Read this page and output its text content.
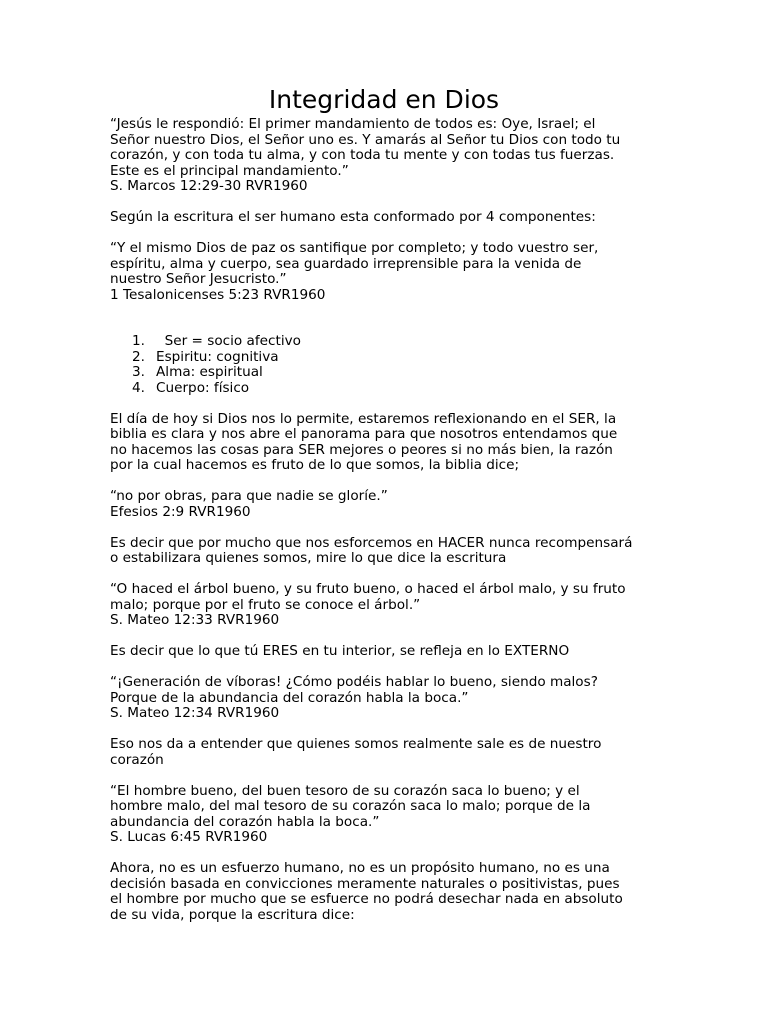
Integridad en Dios
“Jesús le respondió: El primer mandamiento de todos es: Oye, Israel; el
Señor nuestro Dios, el Señor uno es. Y amarás al Señor tu Dios con todo tu
corazón, y con toda tu alma, y con toda tu mente y con todas tus fuerzas.
Este es el principal mandamiento.”
S. Marcos 12:29-30 RVR1960
Según la escritura el ser humano esta conformado por 4 componentes:
“Y el mismo Dios de paz os santifique por completo; y todo vuestro ser,
espíritu, alma y cuerpo, sea guardado irreprensible para la venida de
nuestro Señor Jesucristo.”
1 Tesalonicenses 5:23 RVR1960
1. Ser = socio afectivo
2. Espiritu: cognitiva
3. Alma: espiritual
4. Cuerpo: físico
El día de hoy si Dios nos lo permite, estaremos reflexionando en el SER, la
biblia es clara y nos abre el panorama para que nosotros entendamos que
no hacemos las cosas para SER mejores o peores si no más bien, la razón
por la cual hacemos es fruto de lo que somos, la biblia dice;
“no por obras, para que nadie se gloríe.”
Efesios 2:9 RVR1960
Es decir que por mucho que nos esforcemos en HACER nunca recompensará
o estabilizara quienes somos, mire lo que dice la escritura
“O haced el árbol bueno, y su fruto bueno, o haced el árbol malo, y su fruto
malo; porque por el fruto se conoce el árbol.”
S. Mateo 12:33 RVR1960
Es decir que lo que tú ERES en tu interior, se refleja en lo EXTERNO
“¡Generación de víboras! ¿Cómo podéis hablar lo bueno, siendo malos?
Porque de la abundancia del corazón habla la boca.”
S. Mateo 12:34 RVR1960
Eso nos da a entender que quienes somos realmente sale es de nuestro
corazón
“El hombre bueno, del buen tesoro de su corazón saca lo bueno; y el
hombre malo, del mal tesoro de su corazón saca lo malo; porque de la
abundancia del corazón habla la boca.”
S. Lucas 6:45 RVR1960
Ahora, no es un esfuerzo humano, no es un propósito humano, no es una
decisión basada en convicciones meramente naturales o positivistas, pues
el hombre por mucho que se esfuerce no podrá desechar nada en absoluto
de su vida, porque la escritura dice:
